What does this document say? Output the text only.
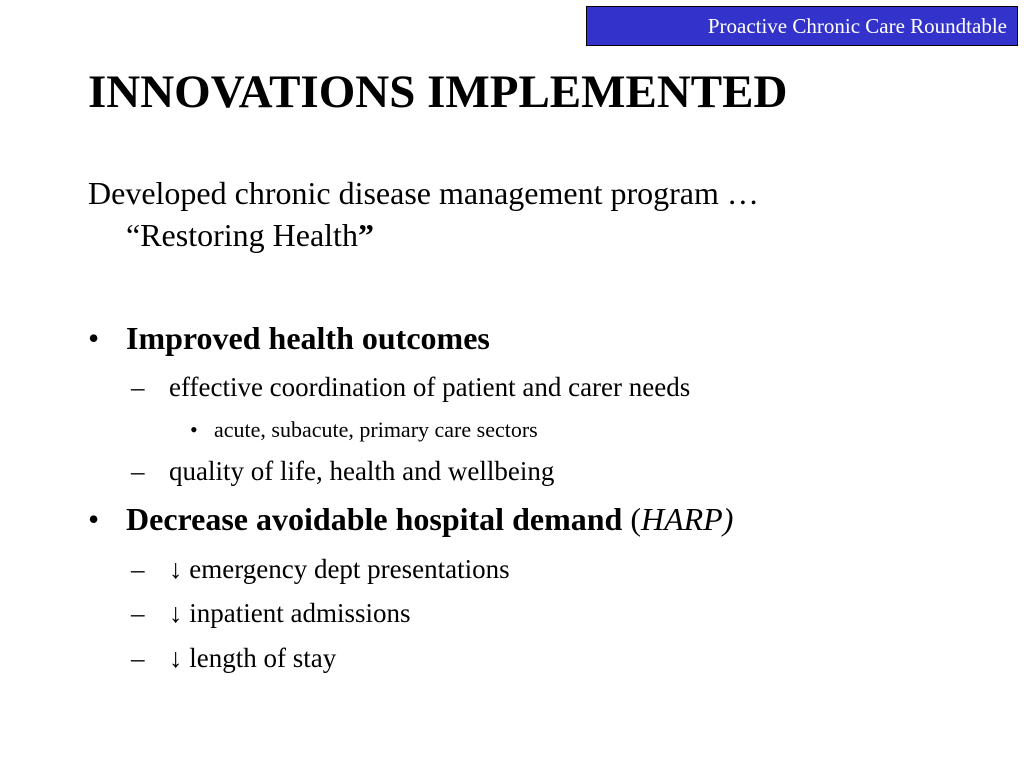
Proactive Chronic Care Roundtable
INNOVATIONS IMPLEMENTED

Developed chronic disease management program …
“Restoring Health”

• Improved health outcomes
– effective coordination of patient and carer needs
• acute, subacute, primary care sectors
– quality of life, health and wellbeing
• Decrease avoidable hospital demand (HARP)
– ↓ emergency dept presentations
– ↓ inpatient admissions
– ↓ length of stay
